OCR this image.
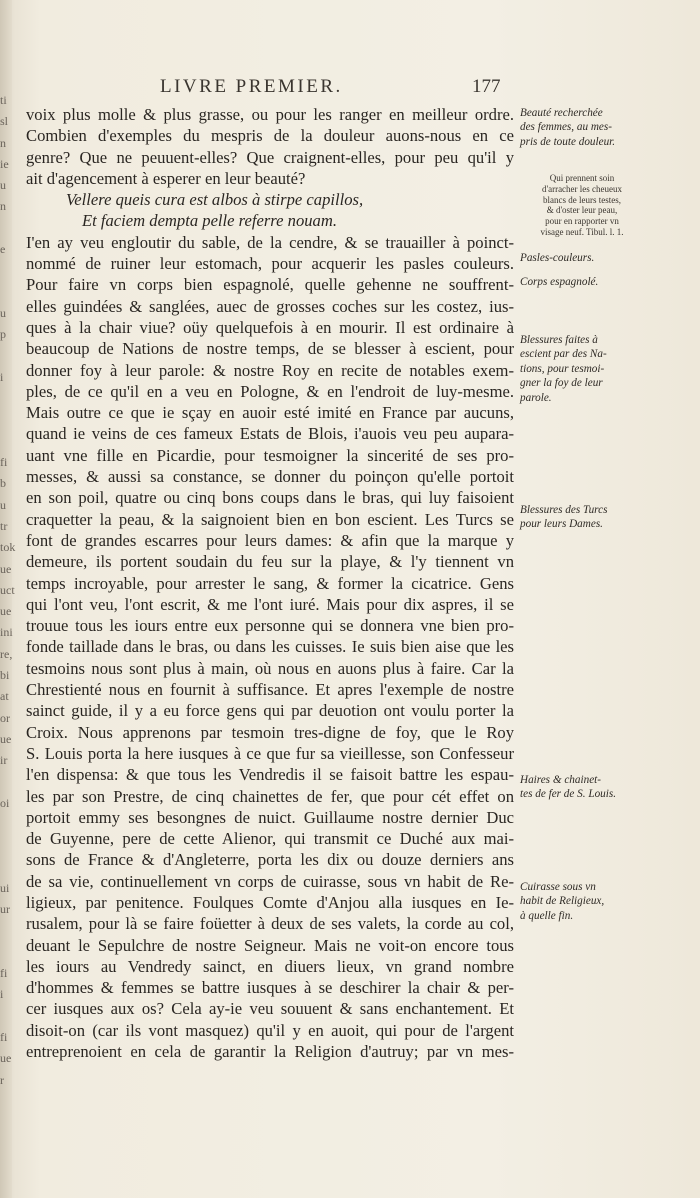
ti
sl
n
ie
u
n
e
u
p
i
fi
b
u
tr
tok
ue
uct
ue
ini
re,
bi
at
or
ue
ir
oi
ui
ur
fi
i
fi
ue
r
LIVRE PREMIER.	177
voix plus molle & plus grasse, ou pour les ranger en meilleur ordre.
Combien d'exemples du mespris de la douleur auons-nous en ce
genre? Que ne peuuent-elles? Que craignent-elles, pour peu qu'il y
ait d'agencement à esperer en leur beauté?
Vellere queis cura est albos à stirpe capillos,
Et faciem dempta pelle referre nouam.
I'en ay veu engloutir du sable, de la cendre, & se trauailler à poinct-
nommé de ruiner leur estomach, pour acquerir les pasles couleurs.
Pour faire vn corps bien espagnolé, quelle gehenne ne souffrent-
elles guindées & sanglées, auec de grosses coches sur les costez, ius-
ques à la chair viue? oüy quelquefois à en mourir. Il est ordinaire à
beaucoup de Nations de nostre temps, de se blesser à escient, pour
donner foy à leur parole: & nostre Roy en recite de notables exem-
ples, de ce qu'il en a veu en Pologne, & en l'endroit de luy-mesme.
Mais outre ce que ie sçay en auoir esté imité en France par aucuns,
quand ie veins de ces fameux Estats de Blois, i'auois veu peu aupara-
uant vne fille en Picardie, pour tesmoigner la sincerité de ses pro-
messes, & aussi sa constance, se donner du poinçon qu'elle portoit
en son poil, quatre ou cinq bons coups dans le bras, qui luy faisoient
craquetter la peau, & la saignoient bien en bon escient. Les Turcs se
font de grandes escarres pour leurs dames: & afin que la marque y
demeure, ils portent soudain du feu sur la playe, & l'y tiennent vn
temps incroyable, pour arrester le sang, & former la cicatrice. Gens
qui l'ont veu, l'ont escrit, & me l'ont iuré. Mais pour dix aspres, il se
trouue tous les iours entre eux personne qui se donnera vne bien pro-
fonde taillade dans le bras, ou dans les cuisses. Ie suis bien aise que les
tesmoins nous sont plus à main, où nous en auons plus à faire. Car la
Chrestienté nous en fournit à suffisance. Et apres l'exemple de nostre
sainct guide, il y a eu force gens qui par deuotion ont voulu porter la
Croix. Nous apprenons par tesmoin tres-digne de foy, que le Roy
S. Louis porta la here iusques à ce que fur sa vieillesse, son Confesseur
l'en dispensa: & que tous les Vendredis il se faisoit battre les espau-
les par son Prestre, de cinq chainettes de fer, que pour cét effet on
portoit emmy ses besongnes de nuict. Guillaume nostre dernier Duc
de Guyenne, pere de cette Alienor, qui transmit ce Duché aux mai-
sons de France & d'Angleterre, porta les dix ou douze derniers ans
de sa vie, continuellement vn corps de cuirasse, sous vn habit de Re-
ligieux, par penitence. Foulques Comte d'Anjou alla iusques en Ie-
rusalem, pour là se faire foüetter à deux de ses valets, la corde au col,
deuant le Sepulchre de nostre Seigneur. Mais ne voit-on encore tous
les iours au Vendredy sainct, en diuers lieux, vn grand nombre
d'hommes & femmes se battre iusques à se deschirer la chair & per-
cer iusques aux os? Cela ay-ie veu souuent & sans enchantement. Et
disoit-on (car ils vont masquez) qu'il y en auoit, qui pour de l'argent
entreprenoient en cela de garantir la Religion d'autruy; par vn mes-
Beauté recherchée
des femmes, au mes-
pris de toute douleur.
Qui prennent soin
d'arracher les cheueux
blancs de leurs testes,
& d'oster leur peau,
pour en rapporter vn
visage neuf. Tibul. l. 1.
Pasles-couleurs.
Corps espagnolé.
Blessures faites à
escient par des Na-
tions, pour tesmoi-
gner la foy de leur
parole.
Blessures des Turcs
pour leurs Dames.
Haires & chainet-
tes de fer de S. Louis.
Cuirasse sous vn
habit de Religieux,
à quelle fin.
